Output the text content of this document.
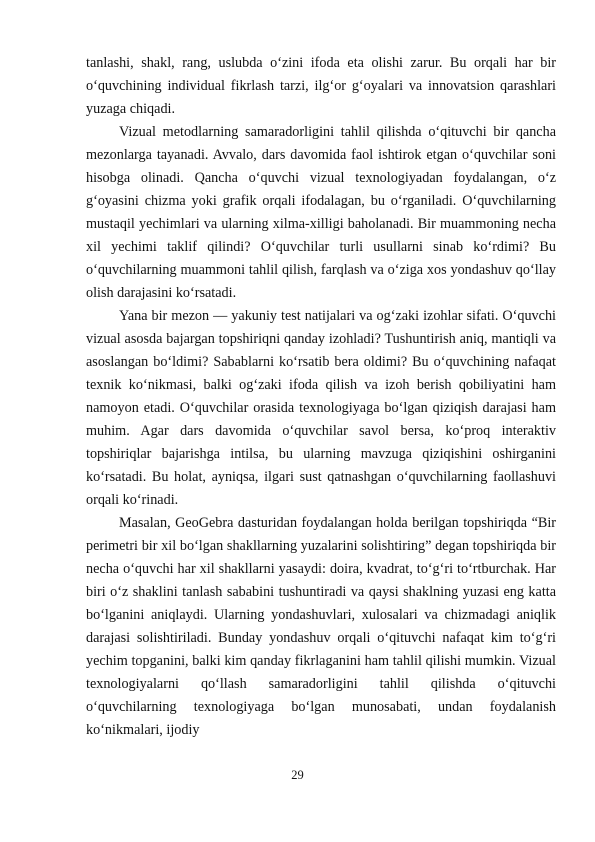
tanlashi, shakl, rang, uslubda o‘zini ifoda eta olishi zarur. Bu orqali har bir o‘quvchining individual fikrlash tarzi, ilg‘or g‘oyalari va innovatsion qarashlari yuzaga chiqadi.

Vizual metodlarning samaradorligini tahlil qilishda o‘qituvchi bir qancha mezonlarga tayanadi. Avvalo, dars davomida faol ishtirok etgan o‘quvchilar soni hisobga olinadi. Qancha o‘quvchi vizual texnologiyadan foydalangan, o‘z g‘oyasini chizma yoki grafik orqali ifodalagan, bu o‘rganiladi. O‘quvchilarning mustaqil yechimlari va ularning xilma-xilligi baholanadi. Bir muammoning necha xil yechimi taklif qilindi? O‘quvchilar turli usullarni sinab ko‘rdimi? Bu o‘quvchilarning muammoni tahlil qilish, farqlash va o‘ziga xos yondashuv qo‘llay olish darajasini ko‘rsatadi.

Yana bir mezon — yakuniy test natijalari va og‘zaki izohlar sifati. O‘quvchi vizual asosda bajargan topshiriqni qanday izohladi? Tushuntirish aniq, mantiqli va asoslangan bo‘ldimi? Sabablarni ko‘rsatib bera oldimi? Bu o‘quvchining nafaqat texnik ko‘nikmasi, balki og‘zaki ifoda qilish va izoh berish qobiliyatini ham namoyon etadi. O‘quvchilar orasida texnologiyaga bo‘lgan qiziqish darajasi ham muhim. Agar dars davomida o‘quvchilar savol bersa, ko‘proq interaktiv topshiriqlar bajarishga intilsa, bu ularning mavzuga qiziqishini oshirganini ko‘rsatadi. Bu holat, ayniqsa, ilgari sust qatnashgan o‘quvchilarning faollashuvi orqali ko‘rinadi.

Masalan, GeoGebra dasturidan foydalangan holda berilgan topshiriqda “Bir perimetri bir xil bo‘lgan shakllarning yuzalarini solishtiring” degan topshiriqda bir necha o‘quvchi har xil shakllarni yasaydi: doira, kvadrat, to‘g‘ri to‘rtburchak. Har biri o‘z shaklini tanlash sababini tushuntiradi va qaysi shaklning yuzasi eng katta bo‘lganini aniqlaydi. Ularning yondashuvlari, xulosalari va chizmadagi aniqlik darajasi solishtiriladi. Bunday yondashuv orqali o‘qituvchi nafaqat kim to‘g‘ri yechim topganini, balki kim qanday fikrlaganini ham tahlil qilishi mumkin. Vizual texnologiyalarni qo‘llash samaradorligini tahlil qilishda o‘qituvchi o‘quvchilarning texnologiyaga bo‘lgan munosabati, undan foydalanish ko‘nikmalari, ijodiy

29
